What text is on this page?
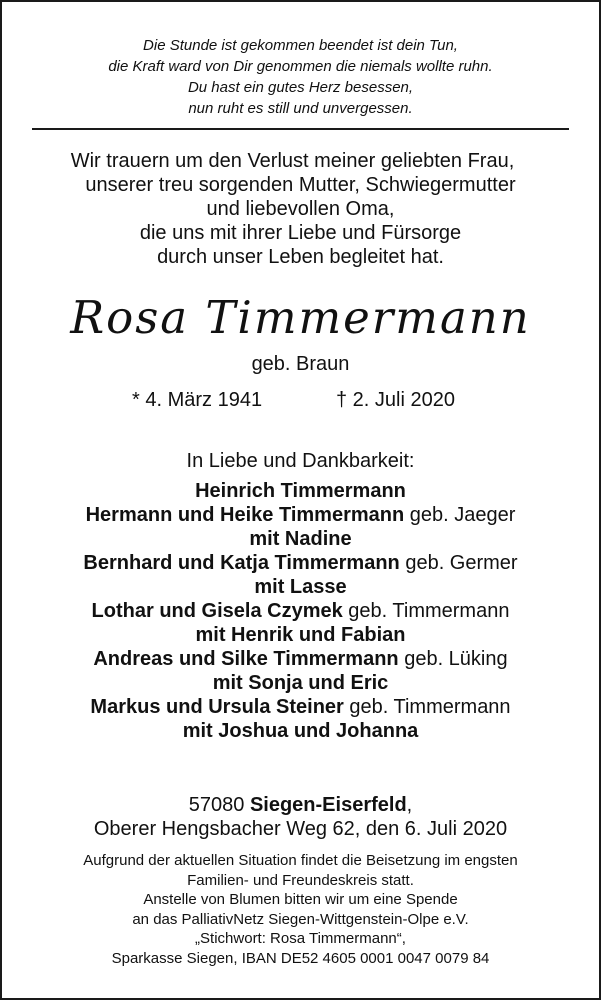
Die Stunde ist gekommen beendet ist dein Tun,
die Kraft ward von Dir genommen die niemals wollte ruhn.
Du hast ein gutes Herz besessen,
nun ruht es still und unvergessen.
Wir trauern um den Verlust meiner geliebten Frau,
unserer treu sorgenden Mutter, Schwiegermutter
und liebevollen Oma,
die uns mit ihrer Liebe und Fürsorge
durch unser Leben begleitet hat.
Rosa Timmermann
geb. Braun
* 4. März 1941	† 2. Juli 2020
In Liebe und Dankbarkeit:
Heinrich Timmermann
Hermann und Heike Timmermann geb. Jaeger
mit Nadine
Bernhard und Katja Timmermann geb. Germer
mit Lasse
Lothar und Gisela Czymek geb. Timmermann
mit Henrik und Fabian
Andreas und Silke Timmermann geb. Lüking
mit Sonja und Eric
Markus und Ursula Steiner geb. Timmermann
mit Joshua und Johanna
57080 Siegen-Eiserfeld,
Oberer Hengsbacher Weg 62, den 6. Juli 2020
Aufgrund der aktuellen Situation findet die Beisetzung im engsten
Familien- und Freundeskreis statt.
Anstelle von Blumen bitten wir um eine Spende
an das PalliativNetz Siegen-Wittgenstein-Olpe e.V.
„Stichwort: Rosa Timmermann“,
Sparkasse Siegen, IBAN DE52 4605 0001 0047 0079 84
